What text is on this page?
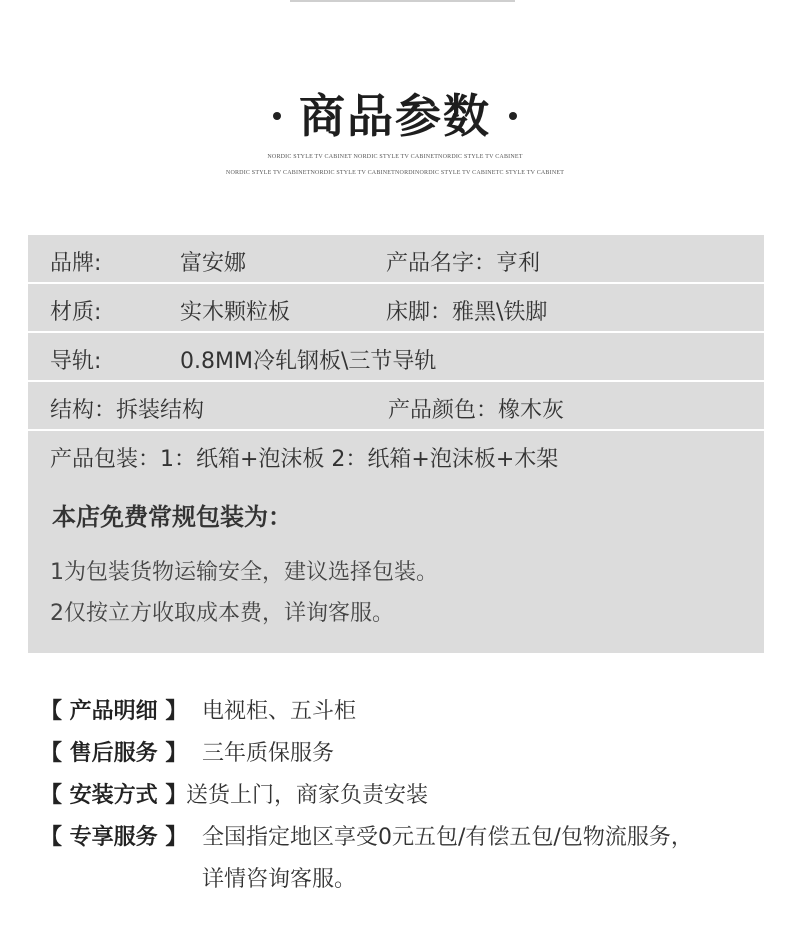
商品参数
NORDIC STYLE TV CABINET NORDIC STYLE TV CABINETNORDIC STYLE TV CABINET
NORDIC STYLE TV CABINETNORDIC STYLE TV CABINETNORDINORDIC STYLE TV CABINETC STYLE TV CABINET
品牌:	富安娜	产品名字：亨利
材质:	实木颗粒板	床脚：雅黑\铁脚
导轨:	0.8MM冷轧钢板\三节导轨
结构：拆装结构	产品颜色：橡木灰
产品包装：1：纸箱+泡沫板 2：纸箱+泡沫板+木架
本店免费常规包装为：
1为包装货物运输安全，建议选择包装。
2仅按立方收取成本费，详询客服。
【 产品明细 】 电视柜、五斗柜
【 售后服务 】 三年质保服务
【 安装方式 】
送货上门，商家负责安装
【 专享服务 】 全国指定地区享受0元五包/有偿五包/包物流服务，
详情咨询客服。
